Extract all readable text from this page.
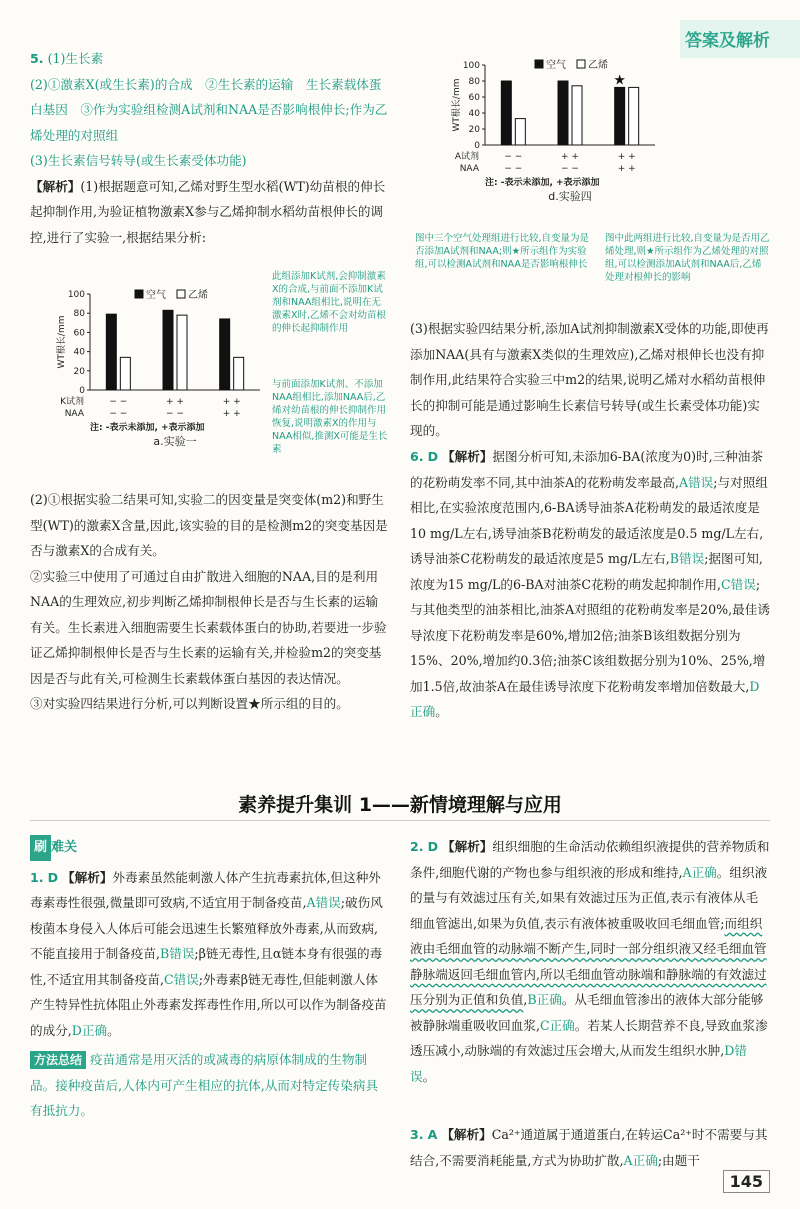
答案及解析
5. (1)生长素
(2)①激素X(或生长素)的合成　②生长素的运输　生长素载体蛋白基因　③作为实验组检测A试剂和NAA是否影响根伸长;作为乙烯处理的对照组
(3)生长素信号转导(或生长素受体功能)
【解析】(1)根据题意可知,乙烯对野生型水稻(WT)幼苗根的伸长起抑制作用,为验证植物激素X参与乙烯抑制水稻幼苗根伸长的调控,进行了实验一,根据结果分析:
0
20
40
60
80
100
WT根长/mm
空气 乙烯
K试剂	− −	+ +	+ +
NAA	− −	− −	+ +
注: -表示未添加, +表示添加
a.实验一
此组添加K试剂,会抑制激素X的合成,与前面不添加K试剂和NAA组相比,说明在无激素X时,乙烯不会对幼苗根的伸长起抑制作用
与前面添加K试剂、不添加NAA组相比,添加NAA后,乙烯对幼苗根的伸长抑制作用恢复,说明激素X的作用与NAA相似,推测X可能是生长素
(2)①根据实验二结果可知,实验二的因变量是突变体(m2)和野生型(WT)的激素X含量,因此,该实验的目的是检测m2的突变基因是否与激素X的合成有关。
②实验三中使用了可通过自由扩散进入细胞的NAA,目的是利用NAA的生理效应,初步判断乙烯抑制根伸长是否与生长素的运输有关。生长素进入细胞需要生长素载体蛋白的协助,若要进一步验证乙烯抑制根伸长是否与生长素的运输有关,并检验m2的突变基因是否与此有关,可检测生长素载体蛋白基因的表达情况。
③对实验四结果进行分析,可以判断设置★所示组的目的。
0
20
40
60
80
100
WT根长/mm
空气 乙烯
★
A试剂	− −	+ +	+ +
NAA	− −	− −	+ +
注: -表示未添加, +表示添加
d.实验四
图中三个空气处理组进行比较,自变量为是否添加A试剂和NAA;则★所示组作为实验组,可以检测A试剂和NAA是否影响根伸长
图中此两组进行比较,自变量为是否用乙烯处理,则★所示组作为乙烯处理的对照组,可以检测添加A试剂和NAA后,乙烯处理对根伸长的影响
(3)根据实验四结果分析,添加A试剂抑制激素X受体的功能,即使再添加NAA(具有与激素X类似的生理效应),乙烯对根伸长也没有抑制作用,此结果符合实验三中m2的结果,说明乙烯对水稻幼苗根伸长的抑制可能是通过影响生长素信号转导(或生长素受体功能)实现的。
6. D 【解析】据图分析可知,未添加6-BA(浓度为0)时,三种油茶的花粉萌发率不同,其中油茶A的花粉萌发率最高,A错误;与对照组相比,在实验浓度范围内,6-BA诱导油茶A花粉萌发的最适浓度是10 mg/L左右,诱导油茶B花粉萌发的最适浓度是0.5 mg/L左右,诱导油茶C花粉萌发的最适浓度是5 mg/L左右,B错误;据图可知,浓度为15 mg/L的6-BA对油茶C花粉的萌发起抑制作用,C错误;与其他类型的油茶相比,油茶A对照组的花粉萌发率是20%,最佳诱导浓度下花粉萌发率是60%,增加2倍;油茶B该组数据分别为15%、20%,增加约0.3倍;油茶C该组数据分别为10%、25%,增加1.5倍,故油茶A在最佳诱导浓度下花粉萌发率增加倍数最大,D正确。
素养提升集训 1——新情境理解与应用
刷 难关
1. D 【解析】外毒素虽然能刺激人体产生抗毒素抗体,但这种外毒素毒性很强,微量即可致病,不适宜用于制备疫苗,A错误;破伤风梭菌本身侵入人体后可能会迅速生长繁殖释放外毒素,从而致病,不能直接用于制备疫苗,B错误;β链无毒性,且α链本身有很强的毒性,不适宜用其制备疫苗,C错误;外毒素β链无毒性,但能刺激人体产生特异性抗体阻止外毒素发挥毒性作用,所以可以作为制备疫苗的成分,D正确。
方法总结 疫苗通常是用灭活的或减毒的病原体制成的生物制品。接种疫苗后,人体内可产生相应的抗体,从而对特定传染病具有抵抗力。
2. D 【解析】组织细胞的生命活动依赖组织液提供的营养物质和条件,细胞代谢的产物也参与组织液的形成和维持,A正确。组织液的量与有效滤过压有关,如果有效滤过压为正值,表示有液体从毛细血管滤出,如果为负值,表示有液体被重吸收回毛细血管;而组织液由毛细血管的动脉端不断产生,同时一部分组织液又经毛细血管静脉端返回毛细血管内,所以毛细血管动脉端和静脉端的有效滤过压分别为正值和负值,B正确。从毛细血管渗出的液体大部分能够被静脉端重吸收回血浆,C正确。若某人长期营养不良,导致血浆渗透压减小,动脉端的有效滤过压会增大,从而发生组织水肿,D错误。
3. A 【解析】Ca²⁺通道属于通道蛋白,在转运Ca²⁺时不需要与其结合,不需要消耗能量,方式为协助扩散,A正确;由题干
145
